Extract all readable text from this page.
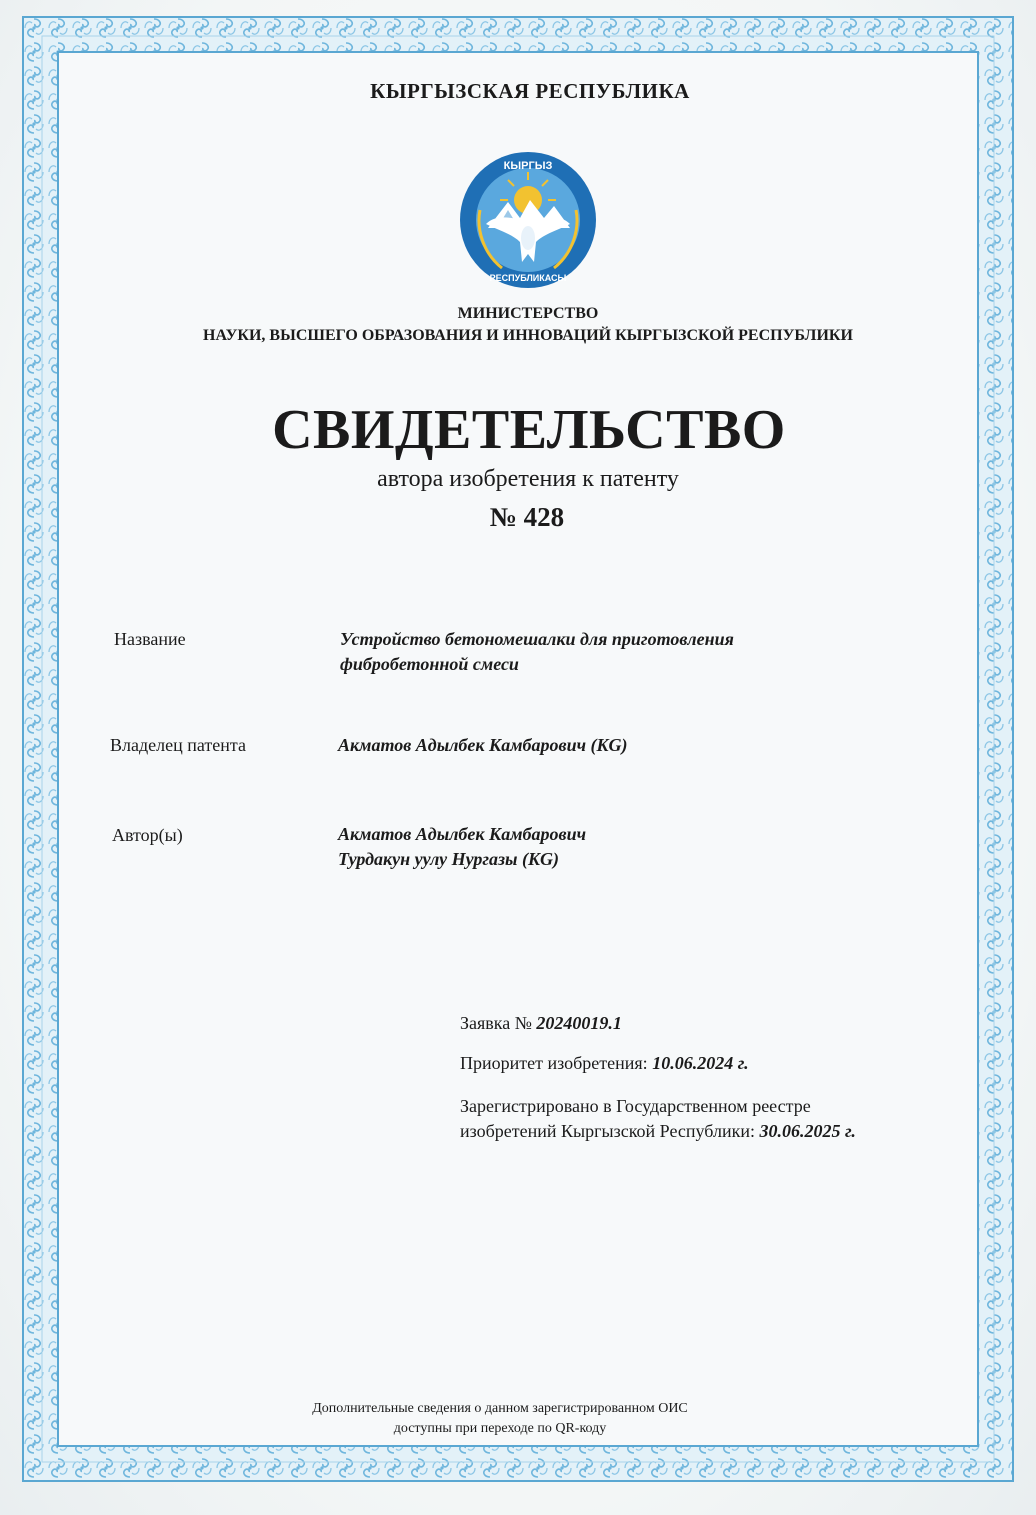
КЫРГЫЗСКАЯ РЕСПУБЛИКА
КЫРГЫЗ
РЕСПУБЛИКАСЫ
МИНИСТЕРСТВО
НАУКИ, ВЫСШЕГО ОБРАЗОВАНИЯ И ИННОВАЦИЙ КЫРГЫЗСКОЙ РЕСПУБЛИКИ
СВИДЕТЕЛЬСТВО
автора изобретения к патенту
№ 428
Название	Устройство бетономешалки для приготовления
фибробетонной смеси
Владелец патента	Акматов Адылбек Камбарович (KG)
Автор(ы)	Акматов Адылбек Камбарович
Турдакун уулу Нургазы (KG)
Заявка № 20240019.1
Приоритет изобретения: 10.06.2024 г.
Зарегистрировано в Государственном реестре
изобретений Кыргызской Республики: 30.06.2025 г.
Дополнительные сведения о данном зарегистрированном ОИС
доступны при переходе по QR-коду
